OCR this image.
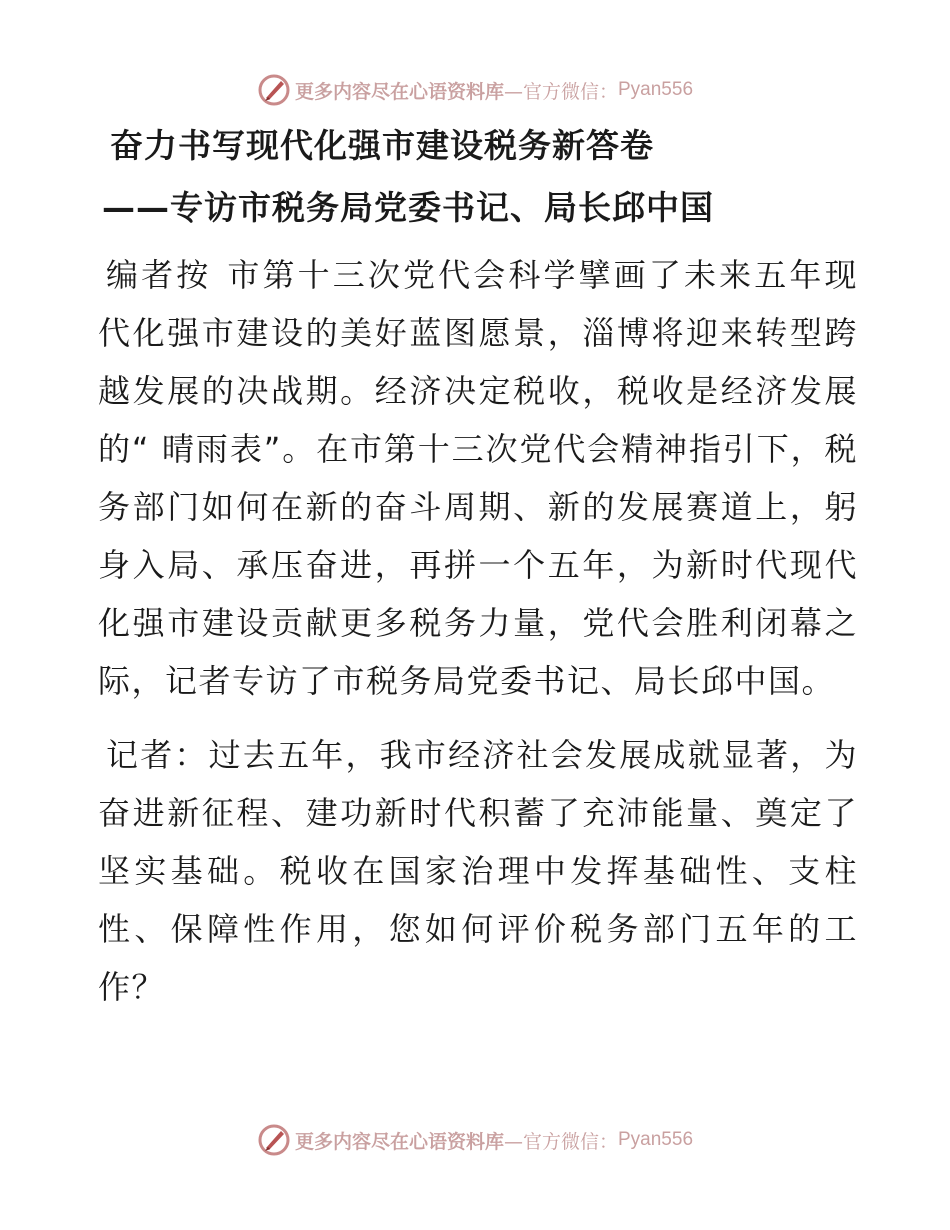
更多内容尽在心语资料库 —官方微信： Pyan556
奋力书写现代化强市建设税务新答卷
——专访市税务局党委书记、局长邱中国

编者按 市第十三次党代会科学擘画了未来五年现代化强市建设的美好蓝图愿景，淄博将迎来转型跨越发展的决战期。经济决定税收，税收是经济发展的“ 晴雨表”。在市第十三次党代会精神指引下，税务部门如何在新的奋斗周期、新的发展赛道上，躬身入局、承压奋进，再拼一个五年，为新时代现代化强市建设贡献更多税务力量，党代会胜利闭幕之际，记者专访了市税务局党委书记、局长邱中国。

记者：过去五年，我市经济社会发展成就显著，为奋进新征程、建功新时代积蓄了充沛能量、奠定了坚实基础。税收在国家治理中发挥基础性、支柱性、保障性作用，您如何评价税务部门五年的工作？

更多内容尽在心语资料库 —官方微信： Pyan556
